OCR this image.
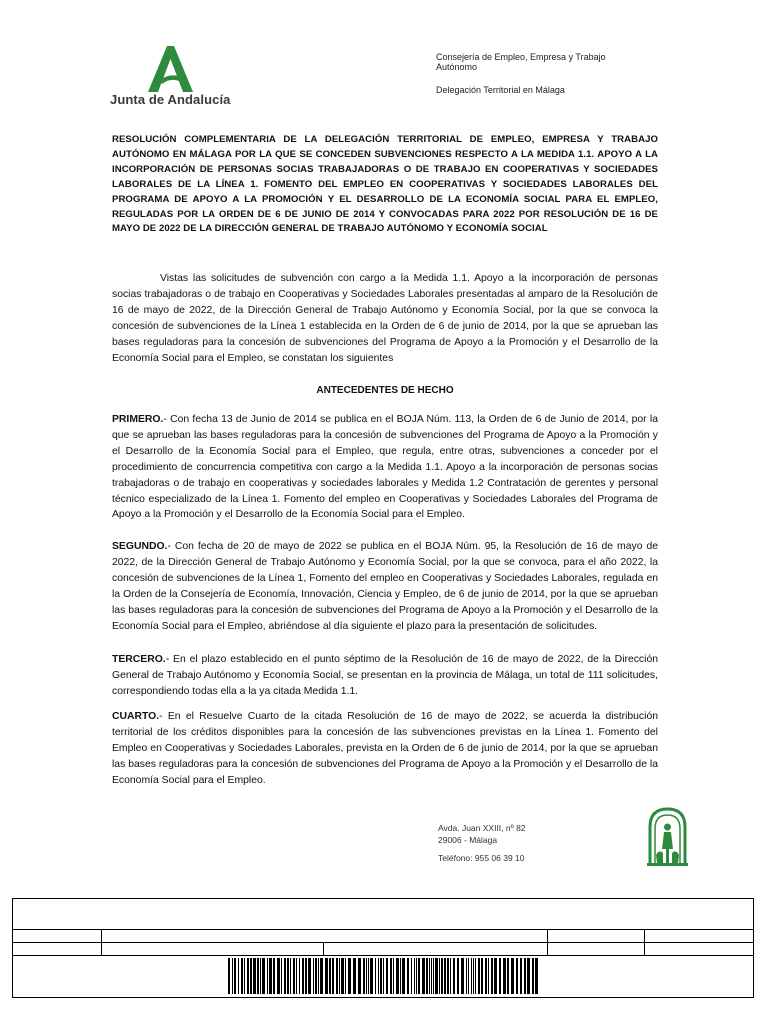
Junta de Andalucía
Consejería de Empleo, Empresa y Trabajo Autónomo
Delegación Territorial en Málaga
RESOLUCIÓN COMPLEMENTARIA DE LA DELEGACIÓN TERRITORIAL DE EMPLEO, EMPRESA Y TRABAJO AUTÓNOMO EN MÁLAGA POR LA QUE SE CONCEDEN SUBVENCIONES RESPECTO A LA MEDIDA 1.1. APOYO A LA INCORPORACIÓN DE PERSONAS SOCIAS TRABAJADORAS O DE TRABAJO EN COOPERATIVAS Y SOCIEDADES LABORALES DE LA LÍNEA 1. FOMENTO DEL EMPLEO EN COOPERATIVAS Y SOCIEDADES LABORALES DEL PROGRAMA DE APOYO A LA PROMOCIÓN Y EL DESARROLLO DE LA ECONOMÍA SOCIAL PARA EL EMPLEO, REGULADAS POR LA ORDEN DE 6 DE JUNIO DE 2014 Y CONVOCADAS PARA 2022 POR RESOLUCIÓN DE 16 DE MAYO DE 2022 DE LA DIRECCIÓN GENERAL DE TRABAJO AUTÓNOMO Y ECONOMÍA SOCIAL
Vistas las solicitudes de subvención con cargo a la Medida 1.1. Apoyo a la incorporación de personas socias trabajadoras o de trabajo en Cooperativas y Sociedades Laborales presentadas al amparo de la Resolución de 16 de mayo de 2022, de la Dirección General de Trabajo Autónomo y Economía Social, por la que se convoca la concesión de subvenciones de la Línea 1 establecida en la Orden de 6 de junio de 2014, por la que se aprueban las bases reguladoras para la concesión de subvenciones del Programa de Apoyo a la Promoción y el Desarrollo de la Economía Social para el Empleo, se constatan los siguientes
ANTECEDENTES DE HECHO
PRIMERO.- Con fecha 13 de Junio de 2014 se publica en el BOJA Núm. 113, la Orden de 6 de Junio de 2014, por la que se aprueban las bases reguladoras para la concesión de subvenciones del Programa de Apoyo a la Promoción y el Desarrollo de la Economía Social para el Empleo, que regula, entre otras, subvenciones a conceder por el procedimiento de concurrencia competitiva con cargo a la Medida 1.1. Apoyo a la incorporación de personas socias trabajadoras o de trabajo en cooperativas y sociedades laborales y Medida 1.2 Contratación de gerentes y personal técnico especializado de la Línea 1. Fomento del empleo en Cooperativas y Sociedades Laborales del Programa de Apoyo a la Promoción y el Desarrollo de la Economía Social para el Empleo.
SEGUNDO.- Con fecha de 20 de mayo de 2022 se publica en el BOJA Núm. 95, la Resolución de 16 de mayo de 2022, de la Dirección General de Trabajo Autónomo y Economía Social, por la que se convoca, para el año 2022, la concesión de subvenciones de la Línea 1, Fomento del empleo en Cooperativas y Sociedades Laborales, regulada en la Orden de la Consejería de Economía, Innovación, Ciencia y Empleo, de 6 de junio de 2014, por la que se aprueban las bases reguladoras para la concesión de subvenciones del Programa de Apoyo a la Promoción y el Desarrollo de la Economía Social para el Empleo, abriéndose al día siguiente el plazo para la presentación de solicitudes.
TERCERO.- En el plazo establecido en el punto séptimo de la Resolución de 16 de mayo de 2022, de la Dirección General de Trabajo Autónomo y Economía Social, se presentan en la provincia de Málaga, un total de 111 solicitudes, correspondiendo todas ella a la ya citada Medida 1.1.
CUARTO.- En el Resuelve Cuarto de la citada Resolución de 16 de mayo de 2022, se acuerda la distribución territorial de los créditos disponibles para la concesión de las subvenciones previstas en la Línea 1. Fomento del Empleo en Cooperativas y Sociedades Laborales, prevista en la Orden de 6 de junio de 2014, por la que se aprueban las bases reguladoras para la concesión de subvenciones del Programa de Apoyo a la Promoción y el Desarrollo de la Economía Social para el Empleo.
Avda. Juan XXIII, nº 82
29006 - Málaga
Teléfono: 955 06 39 10
